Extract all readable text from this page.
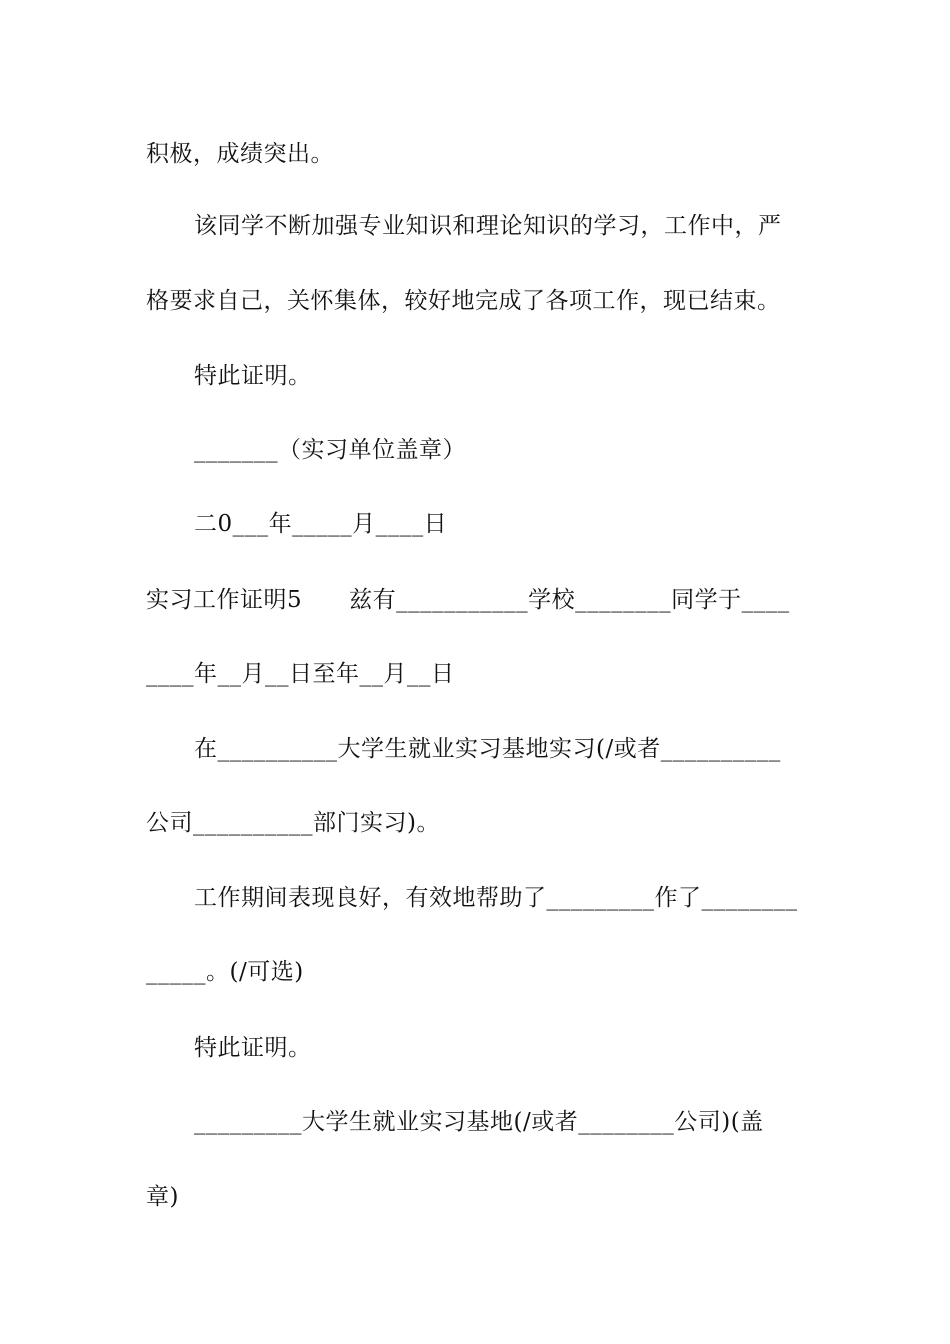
积极，成绩突出。
该同学不断加强专业知识和理论知识的学习，工作中，严
格要求自己，关怀集体，较好地完成了各项工作，现已结束。
特此证明。
_______（实习单位盖章）
二0___年_____月____日
实习工作证明5　　兹有___________学校________同学于____
____年__月__日至年__月__日
在__________大学生就业实习基地实习(/或者__________
公司__________部门实习)。
工作期间表现良好，有效地帮助了_________作了________
_____。(/可选)
特此证明。
_________大学生就业实习基地(/或者________公司)(盖
章)
